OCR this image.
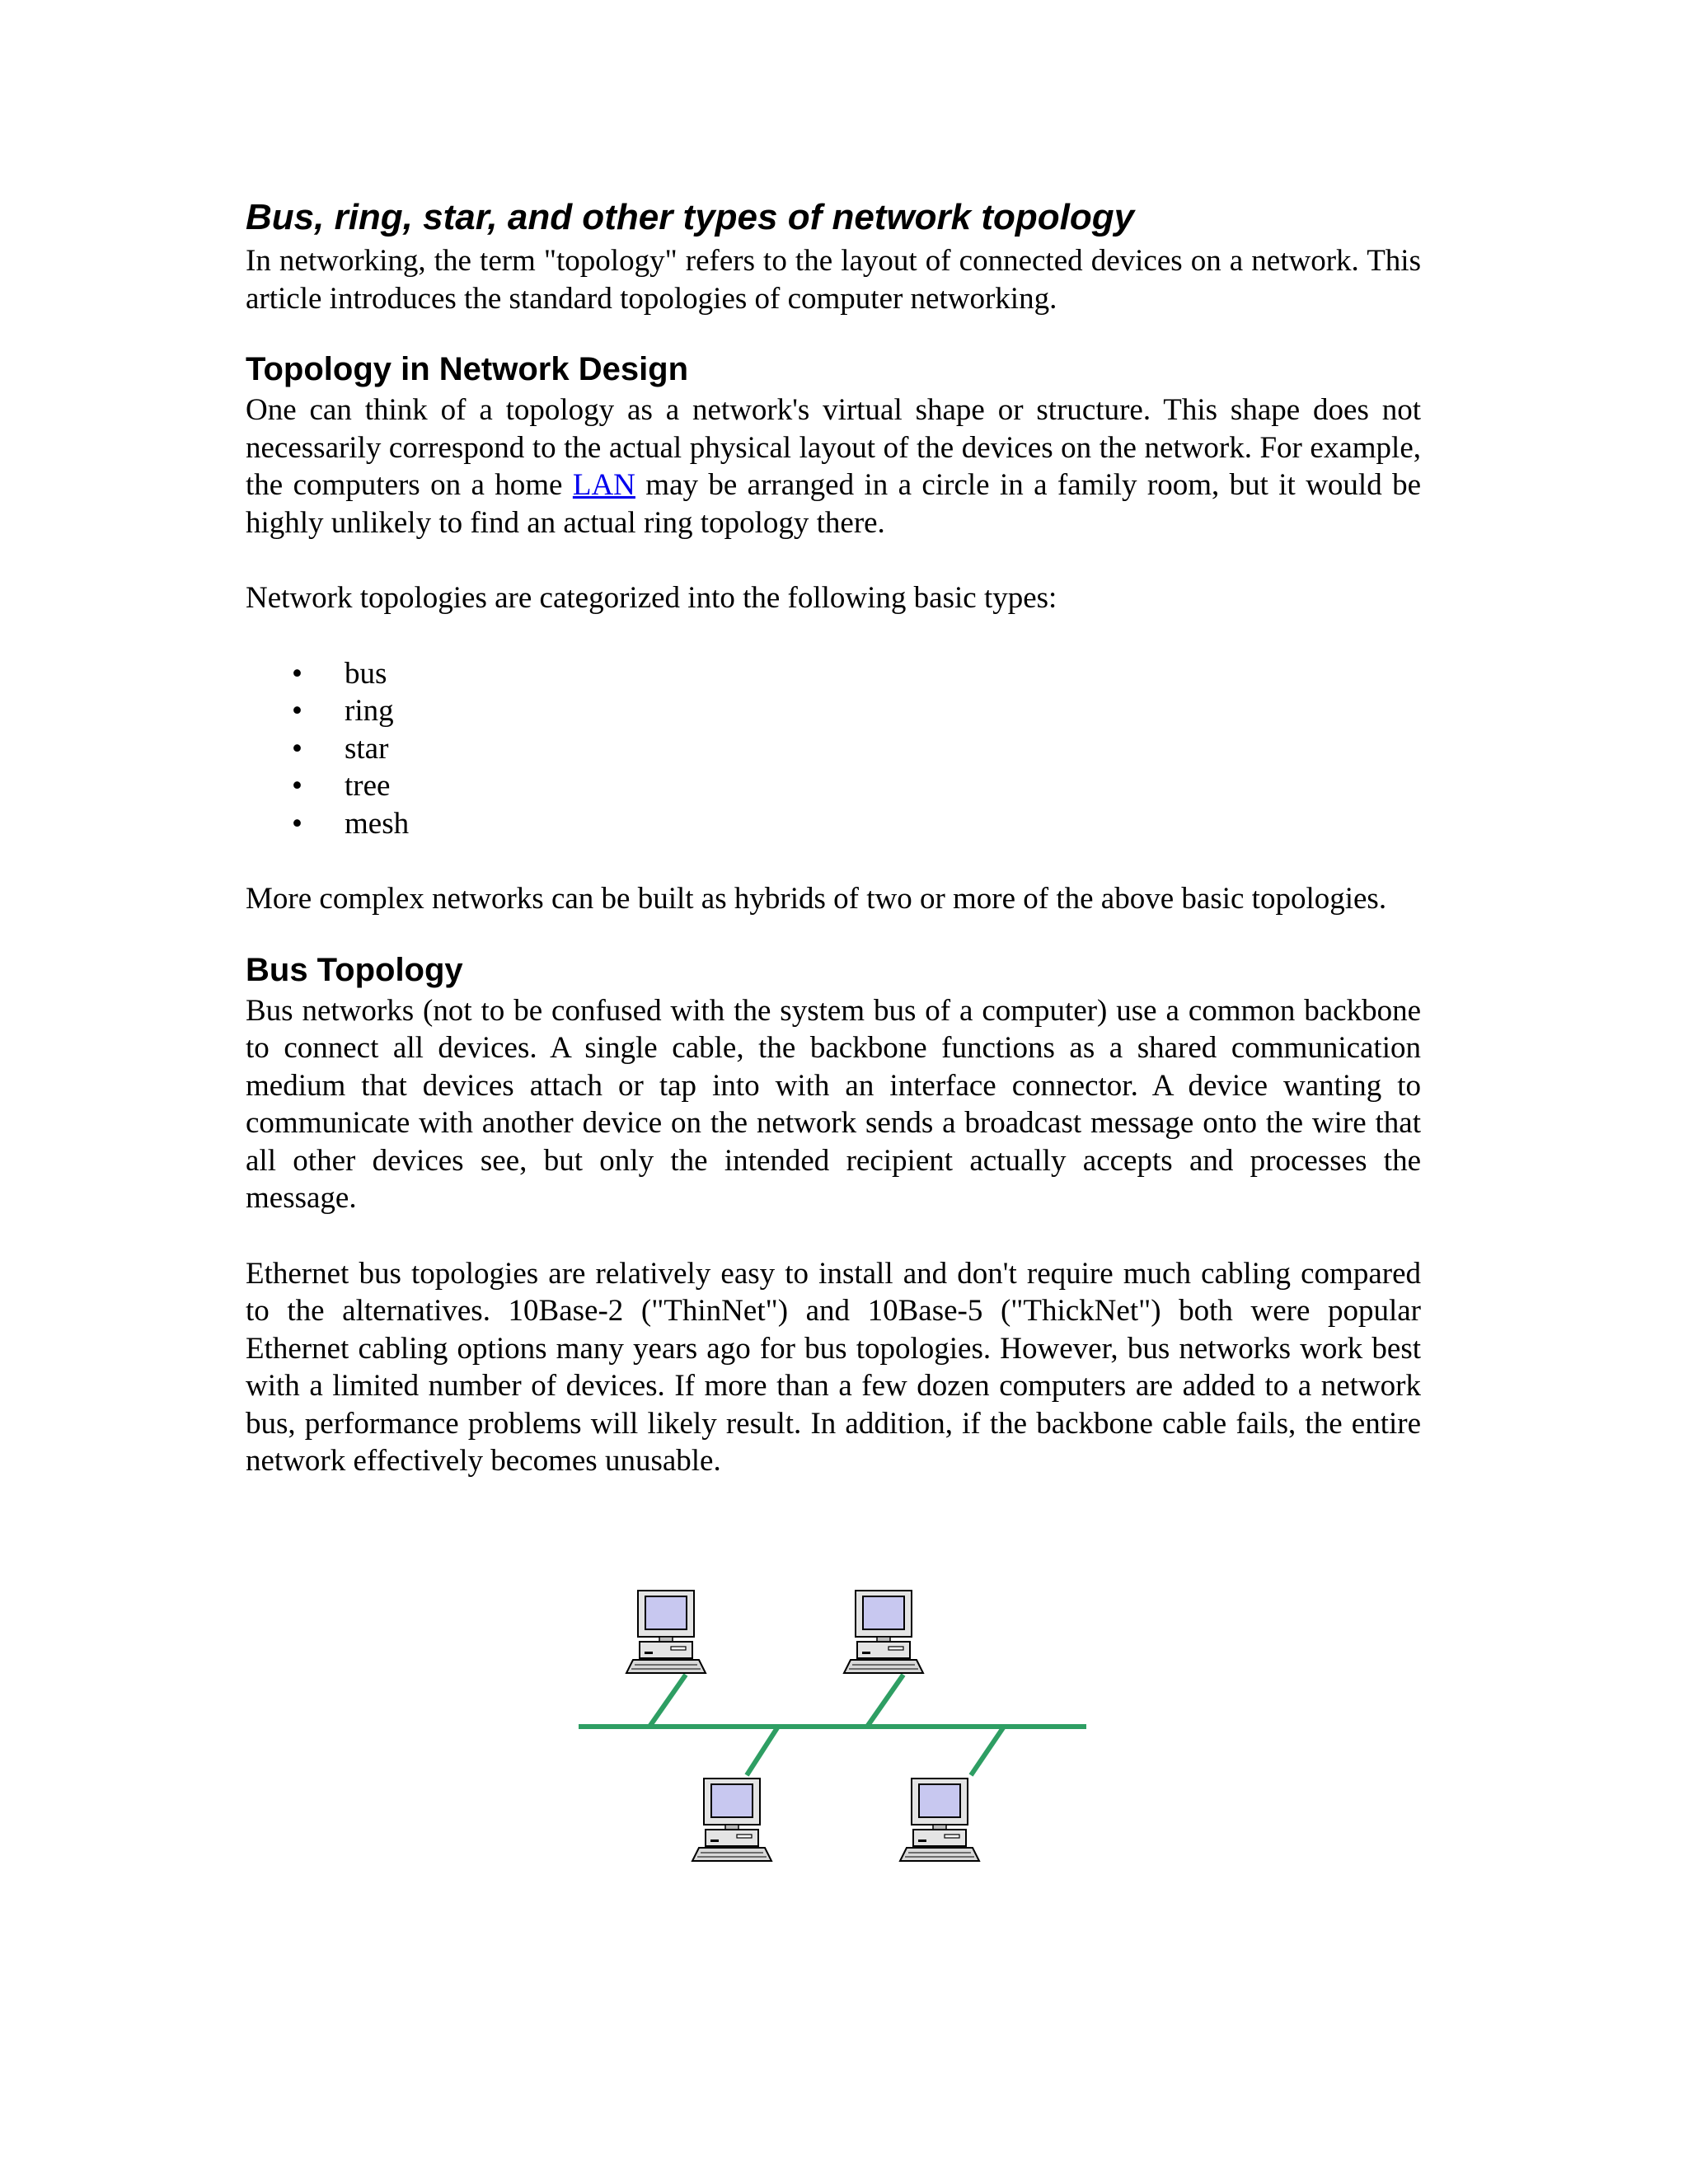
Bus, ring, star, and other types of network topology

In networking, the term "topology" refers to the layout of connected devices on a network. This article introduces the standard topologies of computer networking.

Topology in Network Design

One can think of a topology as a network's virtual shape or structure. This shape does not necessarily correspond to the actual physical layout of the devices on the network. For example, the computers on a home LAN may be arranged in a circle in a family room, but it would be highly unlikely to find an actual ring topology there.

Network topologies are categorized into the following basic types:

• bus
• ring
• star
• tree
• mesh

More complex networks can be built as hybrids of two or more of the above basic topologies.

Bus Topology

Bus networks (not to be confused with the system bus of a computer) use a common backbone to connect all devices. A single cable, the backbone functions as a shared communication medium that devices attach or tap into with an interface connector. A device wanting to communicate with another device on the network sends a broadcast message onto the wire that all other devices see, but only the intended recipient actually accepts and processes the message.

Ethernet bus topologies are relatively easy to install and don't require much cabling compared to the alternatives. 10Base-2 ("ThinNet") and 10Base-5 ("ThickNet") both were popular Ethernet cabling options many years ago for bus topologies. However, bus networks work best with a limited number of devices. If more than a few dozen computers are added to a network bus, performance problems will likely result. In addition, if the backbone cable fails, the entire network effectively becomes unusable.
